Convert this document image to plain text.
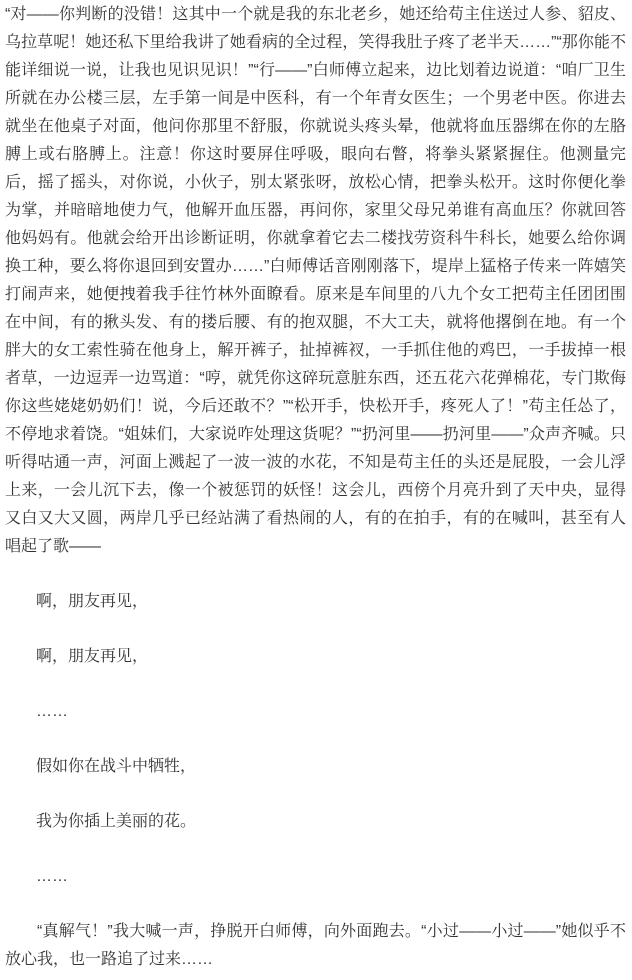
“对——你判断的没错！这其中一个就是我的东北老乡，她还给苟主住送过人参、貂皮、乌拉草呢！她还私下里给我讲了她看病的全过程，笑得我肚子疼了老半天……”“那你能不能详细说一说，让我也见识见识！”“行——”白师傅立起来，边比划着边说道：“咱厂卫生所就在办公楼三层，左手第一间是中医科，有一个年青女医生；一个男老中医。你进去就坐在他桌子对面，他问你那里不舒服，你就说头疼头晕，他就将血压器绑在你的左胳膊上或右胳膊上。注意！你这时要屏住呼吸，眼向右瞥，将拳头紧紧握住。他测量完后，摇了摇头，对你说，小伙子，别太紧张呀，放松心情，把拳头松开。这时你便化拳为掌，并暗暗地使力气，他解开血压器，再问你，家里父母兄弟谁有高血压？你就回答他妈妈有。他就会给开出诊断证明，你就拿着它去二楼找劳资科牛科长，她要么给你调换工种，要么将你退回到安置办……”白师傅话音刚刚落下，堤岸上猛格子传来一阵嬉笑打闹声来，她便拽着我手往竹林外面瞭看。原来是车间里的八九个女工把苟主任团团围在中间，有的揪头发、有的搂后腰、有的抱双腿，不大工夫，就将他撂倒在地。有一个胖大的女工索性骑在他身上，解开裤子，扯掉裤衩，一手抓住他的鸡巴，一手拔掉一根者草，一边逗弄一边骂道：“哼，就凭你这碎玩意脏东西，还五花六花弹棉花，专门欺侮你这些姥姥奶奶们！说，今后还敢不？”“松开手，快松开手，疼死人了！”苟主任怂了，不停地求着饶。“姐妹们，大家说咋处理这货呢？”“扔河里——扔河里——”众声齐喊。只听得咕通一声，河面上溅起了一波一波的水花，不知是苟主任的头还是屁股，一会儿浮上来，一会儿沉下去，像一个被惩罚的妖怪！这会儿，西傍个月亮升到了天中央，显得又白又大又圆，两岸几乎已经站满了看热闹的人，有的在拍手，有的在喊叫，甚至有人唱起了歌——

啊，朋友再见，

啊，朋友再见，

……

假如你在战斗中牺牲，

我为你插上美丽的花。

……

“真解气！”我大喊一声，挣脱开白师傅，向外面跑去。“小过——小过——”她似乎不放心我，也一路追了过来……
